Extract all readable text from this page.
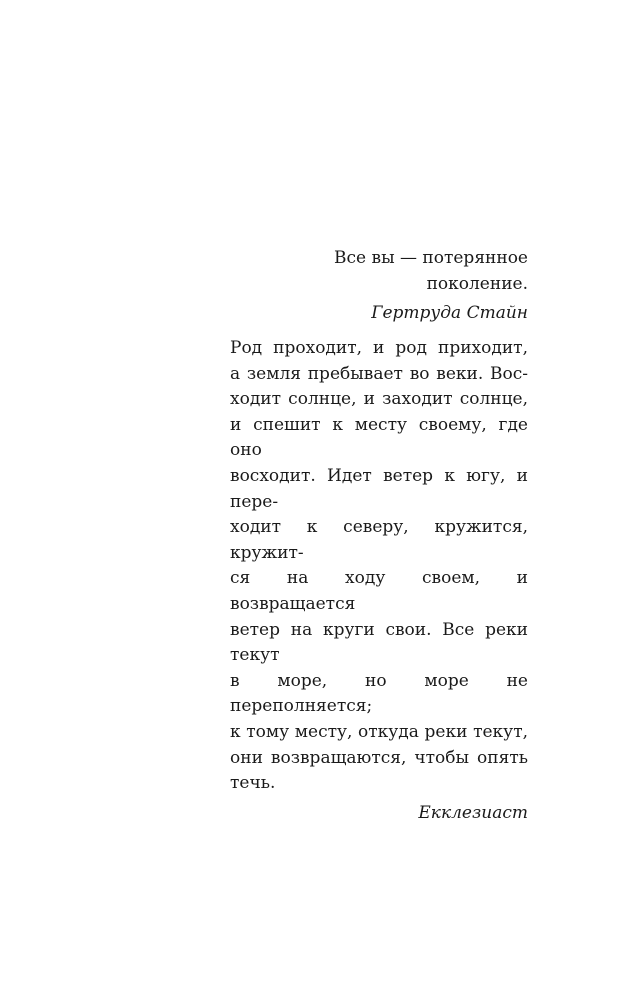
Все вы — потерянное поколение.

Гертруда Стайн

Род проходит, и род приходит,
а земля пребывает во веки. Вос-
ходит солнце, и заходит солнце,
и спешит к месту своему, где оно
восходит. Идет ветер к югу, и пере-
ходит к северу, кружится, кружит-
ся на ходу своем, и возвращается
ветер на круги свои. Все реки текут
в море, но море не переполняется;
к тому месту, откуда реки текут,
они возвращаются, чтобы опять
течь.

Екклезиаст
